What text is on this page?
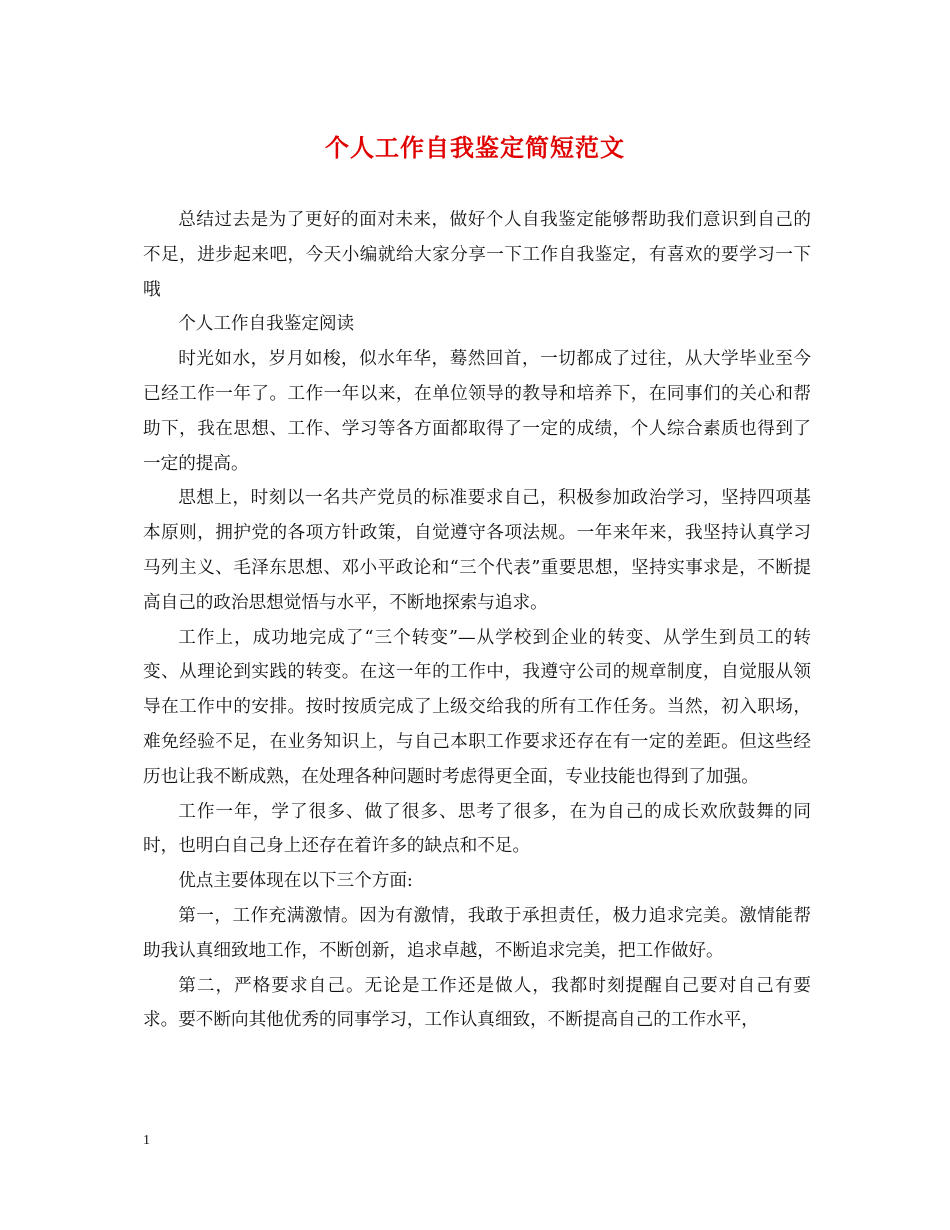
个人工作自我鉴定简短范文

总结过去是为了更好的面对未来，做好个人自我鉴定能够帮助我们意识到自己的不足，进步起来吧，今天小编就给大家分享一下工作自我鉴定，有喜欢的要学习一下哦

个人工作自我鉴定阅读

时光如水，岁月如梭，似水年华，蓦然回首，一切都成了过往，从大学毕业至今已经工作一年了。工作一年以来，在单位领导的教导和培养下，在同事们的关心和帮助下，我在思想、工作、学习等各方面都取得了一定的成绩，个人综合素质也得到了一定的提高。

思想上，时刻以一名共产党员的标准要求自己，积极参加政治学习，坚持四项基本原则，拥护党的各项方针政策，自觉遵守各项法规。一年来年来，我坚持认真学习马列主义、毛泽东思想、邓小平政论和“三个代表”重要思想，坚持实事求是，不断提高自己的政治思想觉悟与水平，不断地探索与追求。

工作上，成功地完成了“三个转变”—从学校到企业的转变、从学生到员工的转变、从理论到实践的转变。在这一年的工作中，我遵守公司的规章制度，自觉服从领导在工作中的安排。按时按质完成了上级交给我的所有工作任务。当然，初入职场，难免经验不足，在业务知识上，与自己本职工作要求还存在有一定的差距。但这些经历也让我不断成熟，在处理各种问题时考虑得更全面，专业技能也得到了加强。

工作一年，学了很多、做了很多、思考了很多，在为自己的成长欢欣鼓舞的同时，也明白自己身上还存在着许多的缺点和不足。

优点主要体现在以下三个方面:

第一，工作充满激情。因为有激情，我敢于承担责任，极力追求完美。激情能帮助我认真细致地工作，不断创新，追求卓越，不断追求完美，把工作做好。

第二，严格要求自己。无论是工作还是做人，我都时刻提醒自己要对自己有要求。要不断向其他优秀的同事学习，工作认真细致，不断提高自己的工作水平，

1
